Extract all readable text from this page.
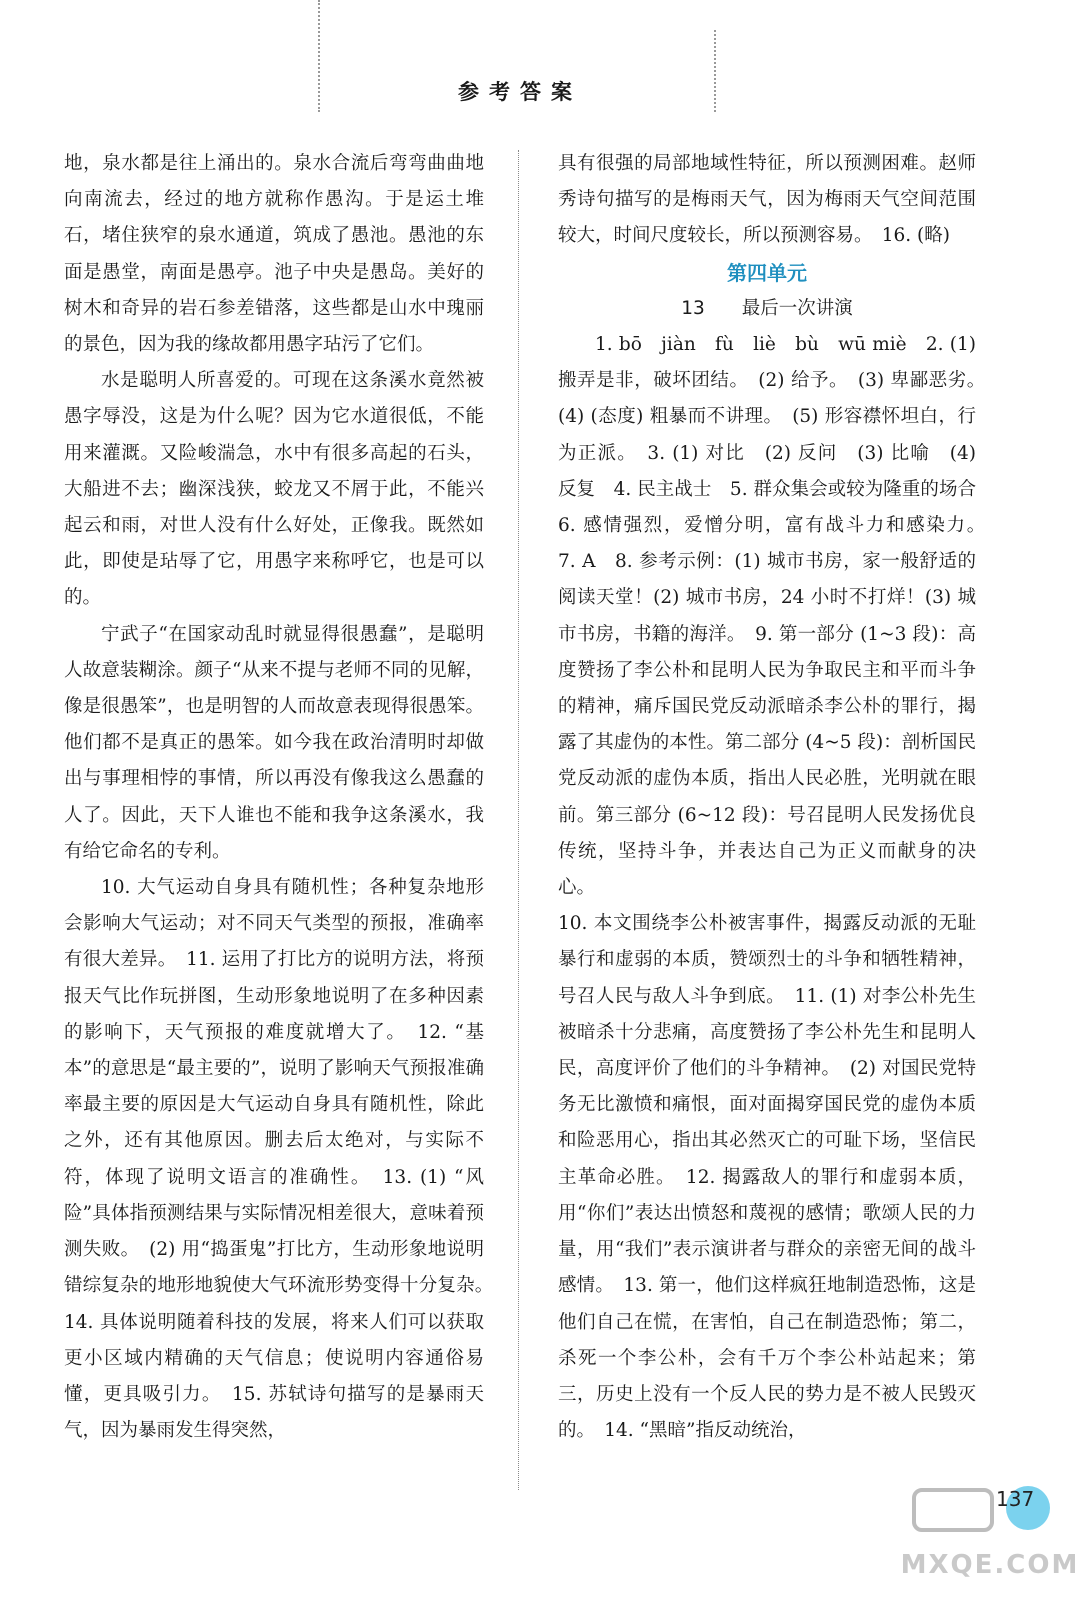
参考答案

地，泉水都是往上涌出的。泉水合流后弯弯曲曲地向南流去，经过的地方就称作愚沟。于是运土堆石，堵住狭窄的泉水通道，筑成了愚池。愚池的东面是愚堂，南面是愚亭。池子中央是愚岛。美好的树木和奇异的岩石参差错落，这些都是山水中瑰丽的景色，因为我的缘故都用愚字玷污了它们。

水是聪明人所喜爱的。可现在这条溪水竟然被愚字辱没，这是为什么呢？因为它水道很低，不能用来灌溉。又险峻湍急，水中有很多高起的石头，大船进不去；幽深浅狭，蛟龙又不屑于此，不能兴起云和雨，对世人没有什么好处，正像我。既然如此，即使是玷辱了它，用愚字来称呼它，也是可以的。

宁武子“在国家动乱时就显得很愚蠢”，是聪明人故意装糊涂。颜子“从来不提与老师不同的见解，像是很愚笨”，也是明智的人而故意表现得很愚笨。他们都不是真正的愚笨。如今我在政治清明时却做出与事理相悖的事情，所以再没有像我这么愚蠢的人了。因此，天下人谁也不能和我争这条溪水，我有给它命名的专利。

10. 大气运动自身具有随机性；各种复杂地形会影响大气运动；对不同天气类型的预报，准确率有很大差异。　11. 运用了打比方的说明方法，将预报天气比作玩拼图，生动形象地说明了在多种因素的影响下，天气预报的难度就增大了。　12. “基本”的意思是“最主要的”，说明了影响天气预报准确率最主要的原因是大气运动自身具有随机性，除此之外，还有其他原因。删去后太绝对，与实际不符，体现了说明文语言的准确性。　13. (1) “风险”具体指预测结果与实际情况相差很大，意味着预测失败。　(2) 用“捣蛋鬼”打比方，生动形象地说明错综复杂的地形地貌使大气环流形势变得十分复杂。　14. 具体说明随着科技的发展，将来人们可以获取更小区域内精确的天气信息；使说明内容通俗易懂，更具吸引力。　15. 苏轼诗句描写的是暴雨天气，因为暴雨发生得突然，

具有很强的局部地域性特征，所以预测困难。赵师秀诗句描写的是梅雨天气，因为梅雨天气空间范围较大，时间尺度较长，所以预测容易。　16. (略)

第四单元

13　　最后一次讲演

1. bō　jiàn　fù　liè　bù　wū miè　2. (1) 搬弄是非，破坏团结。　(2) 给予。　(3) 卑鄙恶劣。　(4) (态度) 粗暴而不讲理。　(5) 形容襟怀坦白，行为正派。　3. (1) 对比　(2) 反问　(3) 比喻　(4) 反复　4. 民主战士　5. 群众集会或较为隆重的场合　6. 感情强烈，爱憎分明，富有战斗力和感染力。　7. A　8. 参考示例：(1) 城市书房，家一般舒适的阅读天堂！(2) 城市书房，24 小时不打烊！(3) 城市书房，书籍的海洋。　9. 第一部分 (1~3 段)：高度赞扬了李公朴和昆明人民为争取民主和平而斗争的精神，痛斥国民党反动派暗杀李公朴的罪行，揭露了其虚伪的本性。第二部分 (4~5 段)：剖析国民党反动派的虚伪本质，指出人民必胜，光明就在眼前。第三部分 (6~12 段)：号召昆明人民发扬优良传统，坚持斗争，并表达自己为正义而献身的决心。

10. 本文围绕李公朴被害事件，揭露反动派的无耻暴行和虚弱的本质，赞颂烈士的斗争和牺牲精神，号召人民与敌人斗争到底。　11. (1) 对李公朴先生被暗杀十分悲痛，高度赞扬了李公朴先生和昆明人民，高度评价了他们的斗争精神。　(2) 对国民党特务无比激愤和痛恨，面对面揭穿国民党的虚伪本质和险恶用心，指出其必然灭亡的可耻下场，坚信民主革命必胜。　12. 揭露敌人的罪行和虚弱本质，用“你们”表达出愤怒和蔑视的感情；歌颂人民的力量，用“我们”表示演讲者与群众的亲密无间的战斗感情。　13. 第一，他们这样疯狂地制造恐怖，这是他们自己在慌，在害怕，自己在制造恐怖；第二，杀死一个李公朴，会有千万个李公朴站起来；第三，历史上没有一个反人民的势力是不被人民毁灭的。　14. “黑暗”指反动统治，

MXQE.COM
137
